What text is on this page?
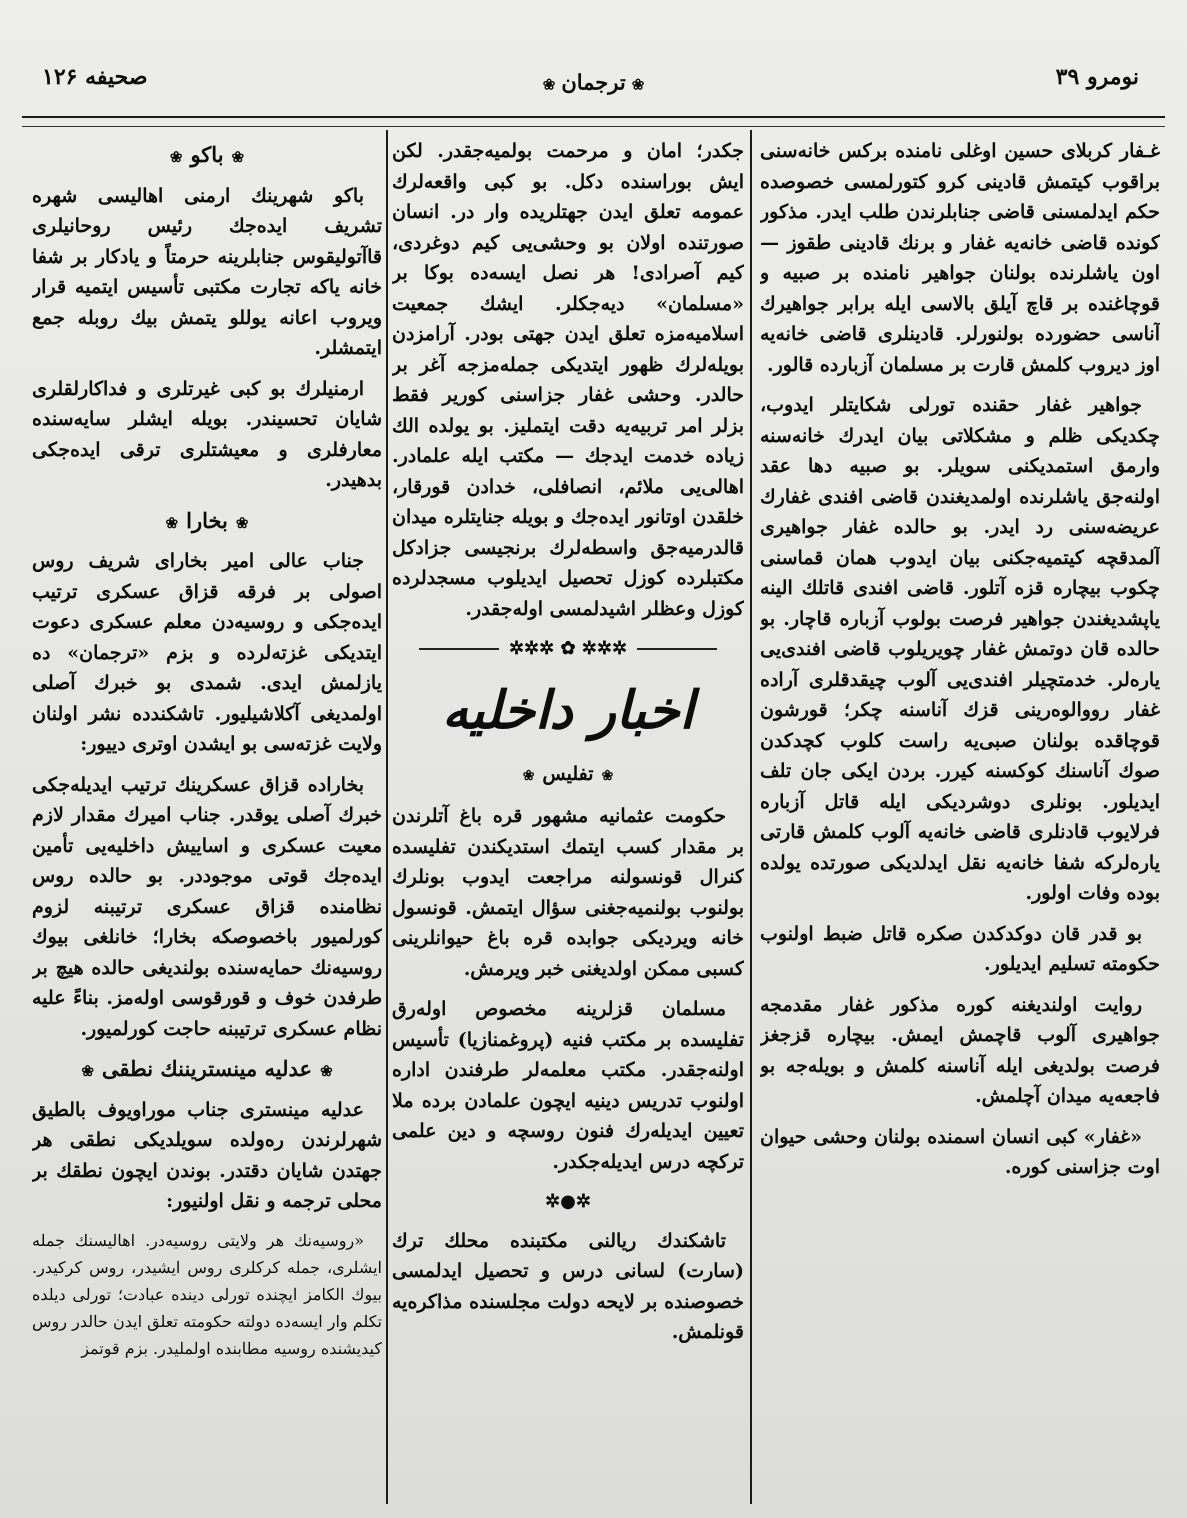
صحیفه ۱۲۶	❀ ترجمان ❀	نومرو ۳۹

غـفار کربلای حسین اوغلی نامنده برکس خانه‌سنی براقوب کیتمش قادینی کرو کتورلمسی خصوصده حکم ایدلمسنی قاضی جنابلرندن طلب ایدر. مذکور کونده قاضی خانه‌یه غفار و برنك قادینی طقوز — اون یاشلرنده بولنان جواهیر نامنده بر صبیه و قوچاغنده بر قاچ آیلق بالاسی ایله برابر جواهیرك آناسی حضورده بولنورلر. قادینلری قاضی خانه‌یه اوز دیروب کلمش قارت بر مسلمان آزبارده قالور.

جواهیر غفار حقنده تورلی شکایتلر ایدوب، چکدیکی ظلم و مشکلاتی بیان ایدرك خانه‌سنه وارمق استمدیکنی سویلر. بو صبیه دها عقد اولنه‌جق یاشلرنده اولمدیغندن قاضی افندی غفارك عریضه‌سنی رد ایدر. بو حالده غفار جواهیری آلمدقچه کیتمیه‌جکنی بیان ایدوب همان قماسنی چکوب بیچاره قزه آتلور. قاضی افندی قاتلك الینه یاپشدیغندن جواهیر فرصت بولوب آزباره قاچار. بو حالده قان دوتمش غفار چویریلوب قاضی افندی‌یی یارەلر. خدمتچیلر افندی‌یی آلوب چیقدقلری آراده غفار رووالوەرینی قزك آناسنه چکر؛ قورشون قوچاقده بولنان صبی‌یه راست کلوب کچدکدن صوك آناسنك کوکسنه کیرر. بردن ایکی جان تلف ایدیلور. بونلری دوشردیکی ایله قاتل آزباره فرلایوب قادنلری قاضی خانه‌یه آلوب کلمش قارتی یارەلرکه شفا خانه‌یه نقل ایدلدیکی صورتده یولده بوده وفات اولور.

بو قدر قان دوکدکدن صکره قاتل ضبط اولنوب حکومته تسلیم ایدیلور.

روایت اولندیغنه کوره مذکور غفار مقدمجه جواهیری آلوب قاچمش ایمش. بیچاره قزجغز فرصت بولدیغی ایله آناسنه کلمش و بویله‌جه بو فاجعه‌یه میدان آچلمش.

«غفار» کبی انسان اسمنده بولنان وحشی حیوان اوت جزاسنی کوره.

جکدر؛ امان و مرحمت بولمیه‌جقدر. لکن ایش بورا‌سنده دکل. بو کبی واقعه‌لرك عمومه تعلق ایدن جهتلریده وار در. انسان صورتنده اولان بو وحشی‌یی کیم دوغردی، کیم آصرادی! هر نصل ایسه‌ده بوکا بر «مسلمان» دیه‌جکلر. ایشك جمعیت اسلامیه‌مزه تعلق ایدن جهتی بودر. آرامزدن بویله‌لرك ظهور ایتدیکی جمله‌مزجه آغر بر حالدر. وحشی غفار جزاسنی کوریر فقط بزلر امر تربیه‌یه دقت ایتملیز. بو یولده الك زیاده خدمت ایدجك — مکتب ایله علمادر. اهالی‌یی ملائم، انصافلی، خدادن قورقار، خلقدن اوتانور ایده‌جك و بویله جنایتلره میدان قالدرمیه‌جق واسطه‌لرك برنجیسی جزادکل مکتبلرده کوزل تحصیل ایدیلوب مسجدلرده کوزل وعظلر اشیدلمسی اوله‌جقدر.

✲✲✲ ✿ ✲✲✲
اخبار داخلیه
❀تفلیس❀

حکومت عثمانیه مشهور قره باغ آتلرندن بر مقدار کسب ایتمك استدیکندن تفلیسده کنرال قونسولنه مراجعت ایدوب بونلرك بولنوب بولنمیه‌جغنی سؤال ایتمش. قونسول خانه ویردیکی جوابده قره باغ حیوانلرینی کسبی ممکن اولدیغنی خبر ویرمش.

مسلمان قزلرینه مخصوص اوله‌رق تفلیسده بر مکتب فنیه (پروغمنازیا) تأسیس اولنه‌جقدر. مکتب معلمه‌لر طرفندن اداره اولنوب تدریس دینیه ایچون علمادن برده ملا تعیین ایدیله‌رك فنون روسچه و دین علمی ترکچه درس ایدیله‌جکدر.

✲●✲

تاشکندك ریالنی مکتبنده محلك ترك (سارت) لسانی درس و تحصیل ایدلمسی خصوصنده بر لایحه دولت مجلسنده مذاکره‌یه قونلمش.

❀باکو❀

باکو شهرینك ارمنی اهالیسی شهره تشریف ایده‌جك رئیس روحانیلری قاآتولیقوس جنابلرینه حرمتاً و یادکار بر شفا خانه یاکه تجارت مکتبی تأسیس ایتمیه قرار ویروب اعانه یوللو یتمش بیك روبله جمع ایتمشلر.

ارمنیلرك بو کبی غیرتلری و فداکارلقلری شایان تحسیندر. بویله ایشلر سایه‌سنده معارفلری و معیشتلری ترقی ایده‌جکی بدهیدر.

❀بخارا❀

جناب عالی امیر بخارای شریف روس اصولی بر فرقه قزاق عسکری ترتیب ایده‌جکی و روسیه‌دن معلم عسکری دعوت ایتدیکی غزته‌لرده و بزم «ترجمان» ده یازلمش ایدی. شمدی بو خبرك آصلی اولمدیغی آکلاشیلیور. تاشکندده نشر اولنان ولایت غزته‌سی بو ایشدن اوتری دییور:

بخاراده قزاق عسکرینك ترتیب ایدیله‌جکی خبرك آصلی یوقدر. جناب امیرك مقدار لازم معیت عسکری و اساییش داخلیه‌یی تأمین ایده‌جك قوتی موجوددر. بو حالده روس نظامنده قزاق عسکری ترتیبنه لزوم کورلمیور باخصوصکه بخارا؛ خانلغی بیوك روسیه‌نك حمایه‌سنده بولندیغی حالده هیچ بر طرفدن خوف و قورقوسی اوله‌مز. بناءً علیه نظام عسکری ترتیبنه حاجت کورلمیور.

❀عدلیه مینستریننك نطقی❀

عدلیه مینستری جناب موراویوف بالطیق شهرلرندن رەولده سویلدیکی نطقی هر جهتدن شایان دقتدر. بوندن ایچون نطقك بر محلی ترجمه و نقل اولنیور:

«روسیه‌نك هر ولایتی روسیه‌در. اهالیسنك جمله ایشلری، جمله کرکلری روس ایشیدر، روس کرکیدر. بیوك الکامز ایچنده تورلی دینده عبادت؛ تورلی دیلده تکلم وار ایسه‌ده دولته حکومته تعلق ایدن حالدر روس کیدیشنده روسیه مطابنده اولملیدر. بزم قوتمز
